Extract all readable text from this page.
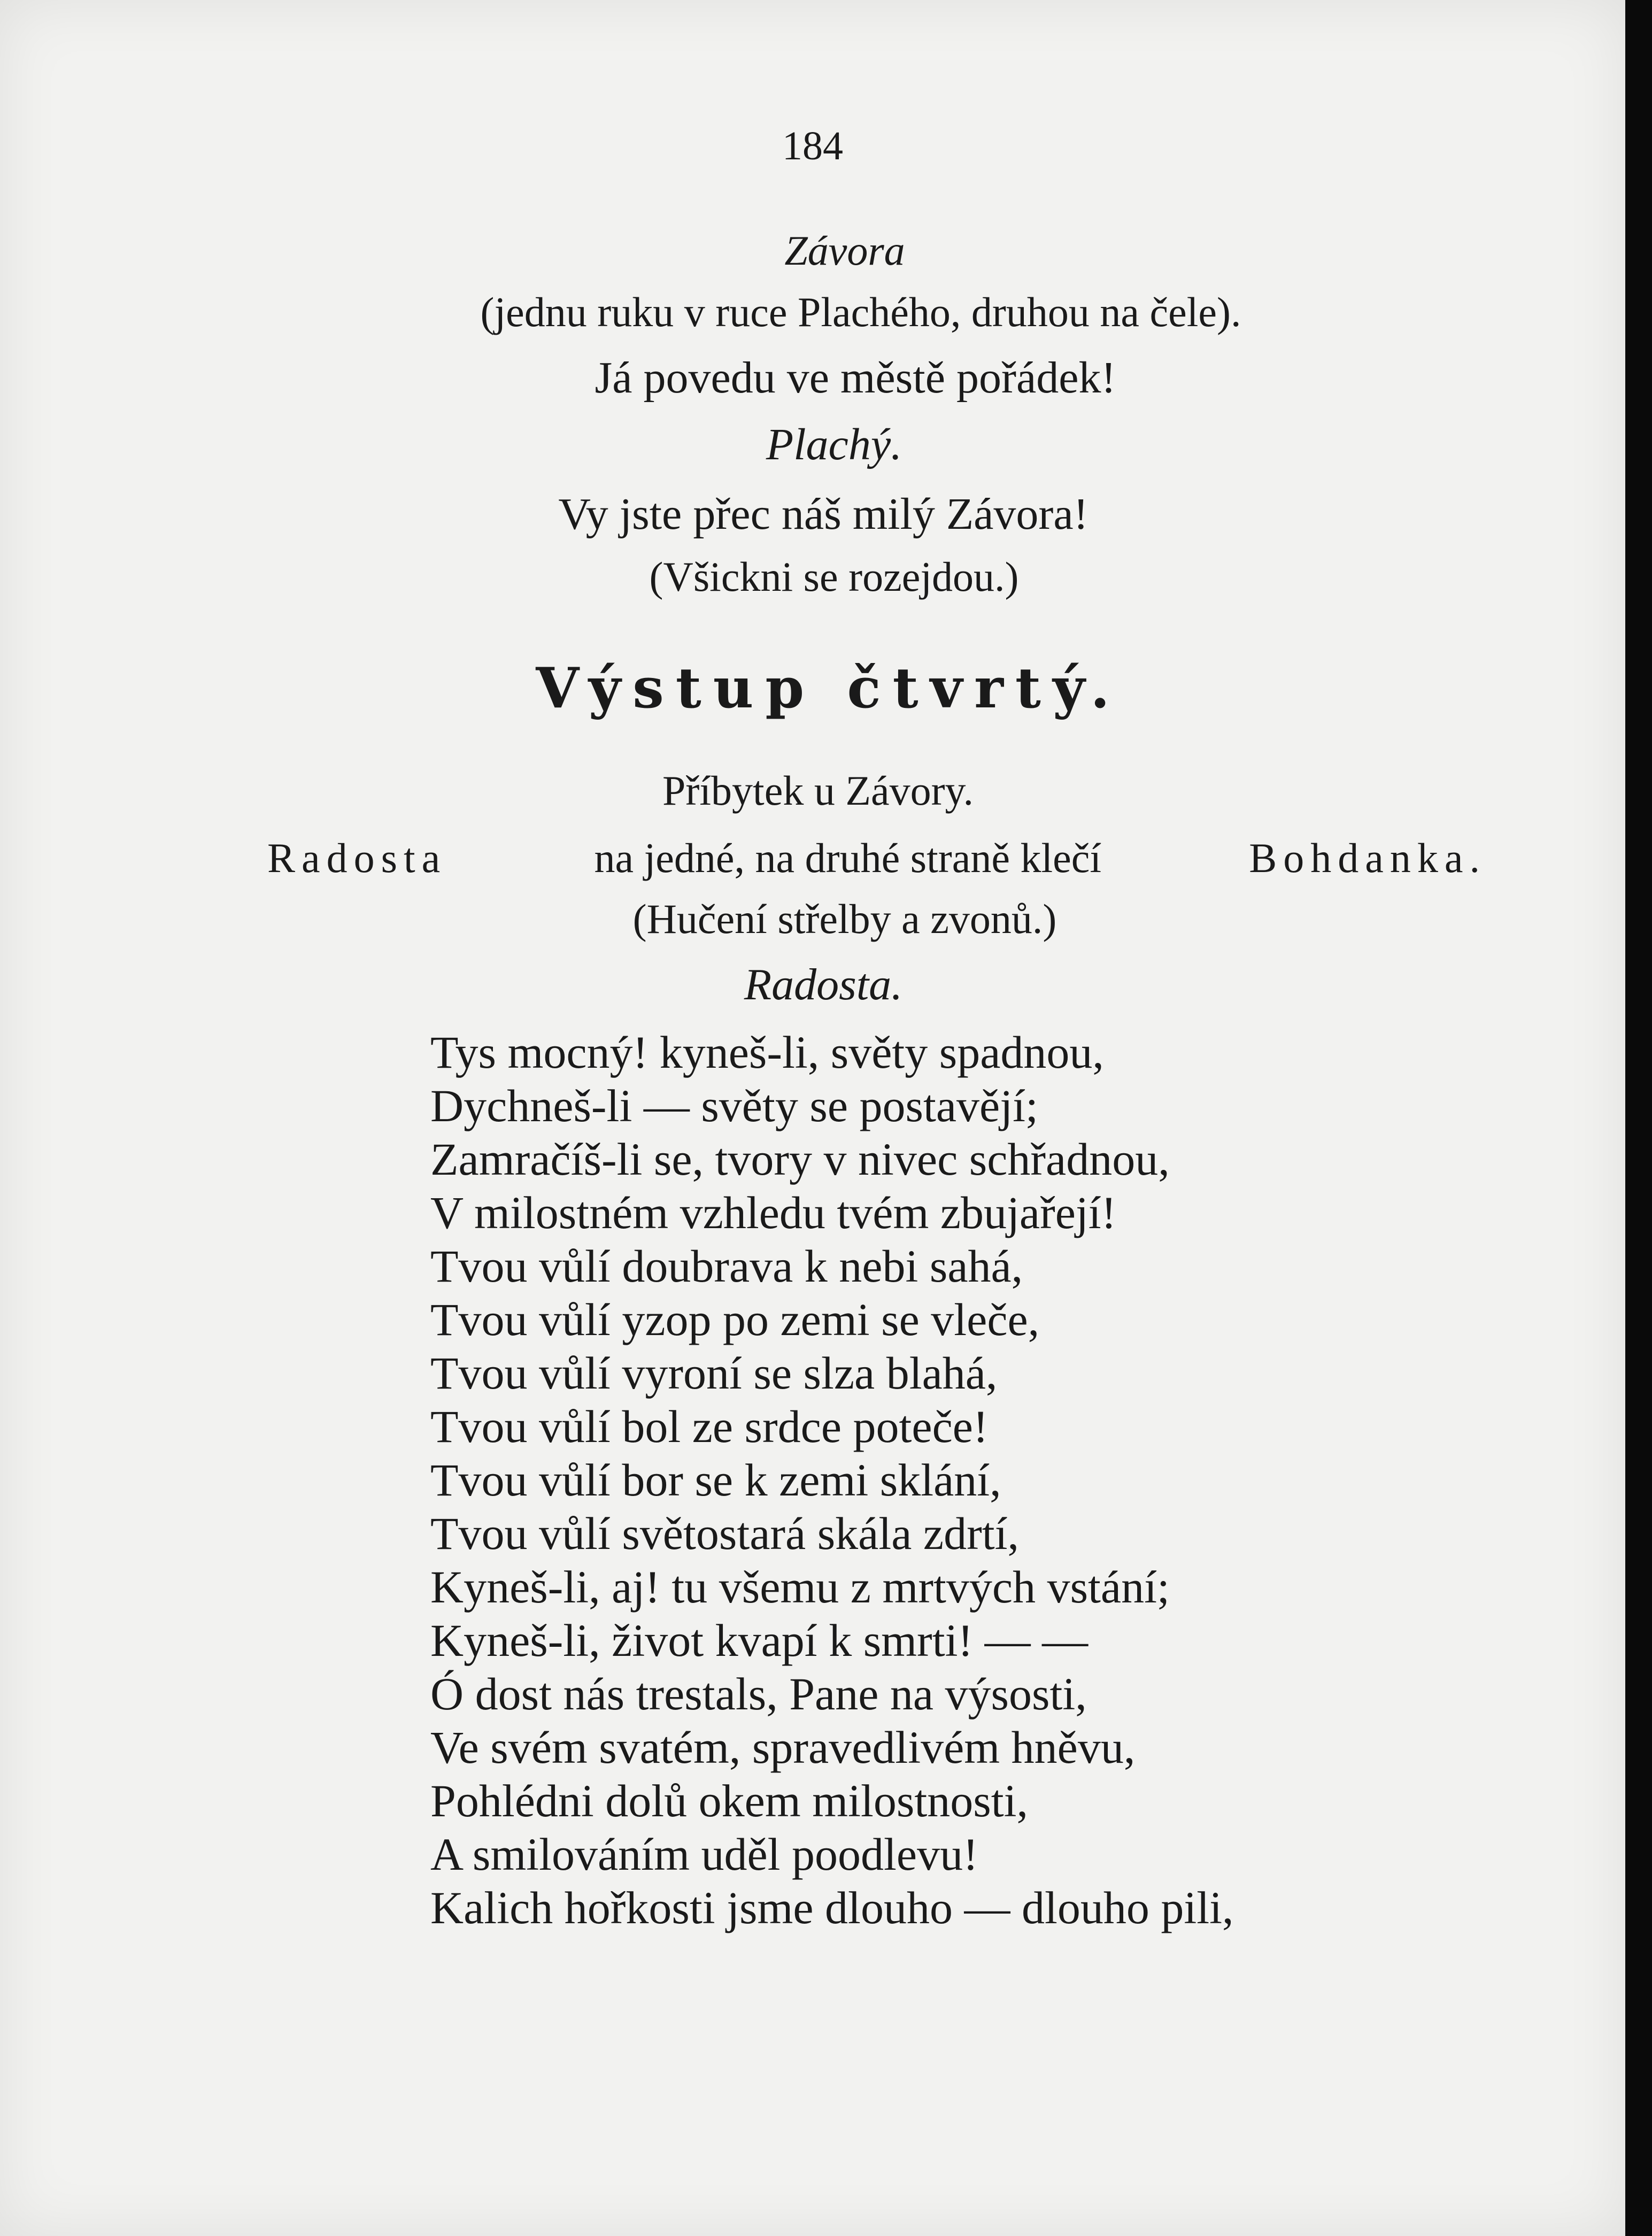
184
Závora
(jednu ruku v ruce Plachého, druhou na čele).
Já povedu ve městě pořádek!
Plachý.
Vy jste přec náš milý Závora!
(Všickni se rozejdou.)
Výstup čtvrtý.
Příbytek u Závory.
Radosta	na jedné, na druhé straně klečí	Bohdanka.
(Hučení střelby a zvonů.)
Radosta.
Tys mocný! kyneš-li, světy spadnou,
Dychneš-li — světy se postavějí;
Zamračíš-li se, tvory v nivec schřadnou,
V milostném vzhledu tvém zbujařejí!
Tvou vůlí doubrava k nebi sahá,
Tvou vůlí yzop po zemi se vleče,
Tvou vůlí vyroní se slza blahá,
Tvou vůlí bol ze srdce poteče!
Tvou vůlí bor se k zemi sklání,
Tvou vůlí světostará skála zdrtí,
Kyneš-li, aj! tu všemu z mrtvých vstání;
Kyneš-li, život kvapí k smrti! — —
Ó dost nás trestals, Pane na výsosti,
Ve svém svatém, spravedlivém hněvu,
Pohlédni dolů okem milostnosti,
A smilováním uděl poodlevu!
Kalich hořkosti jsme dlouho — dlouho pili,
